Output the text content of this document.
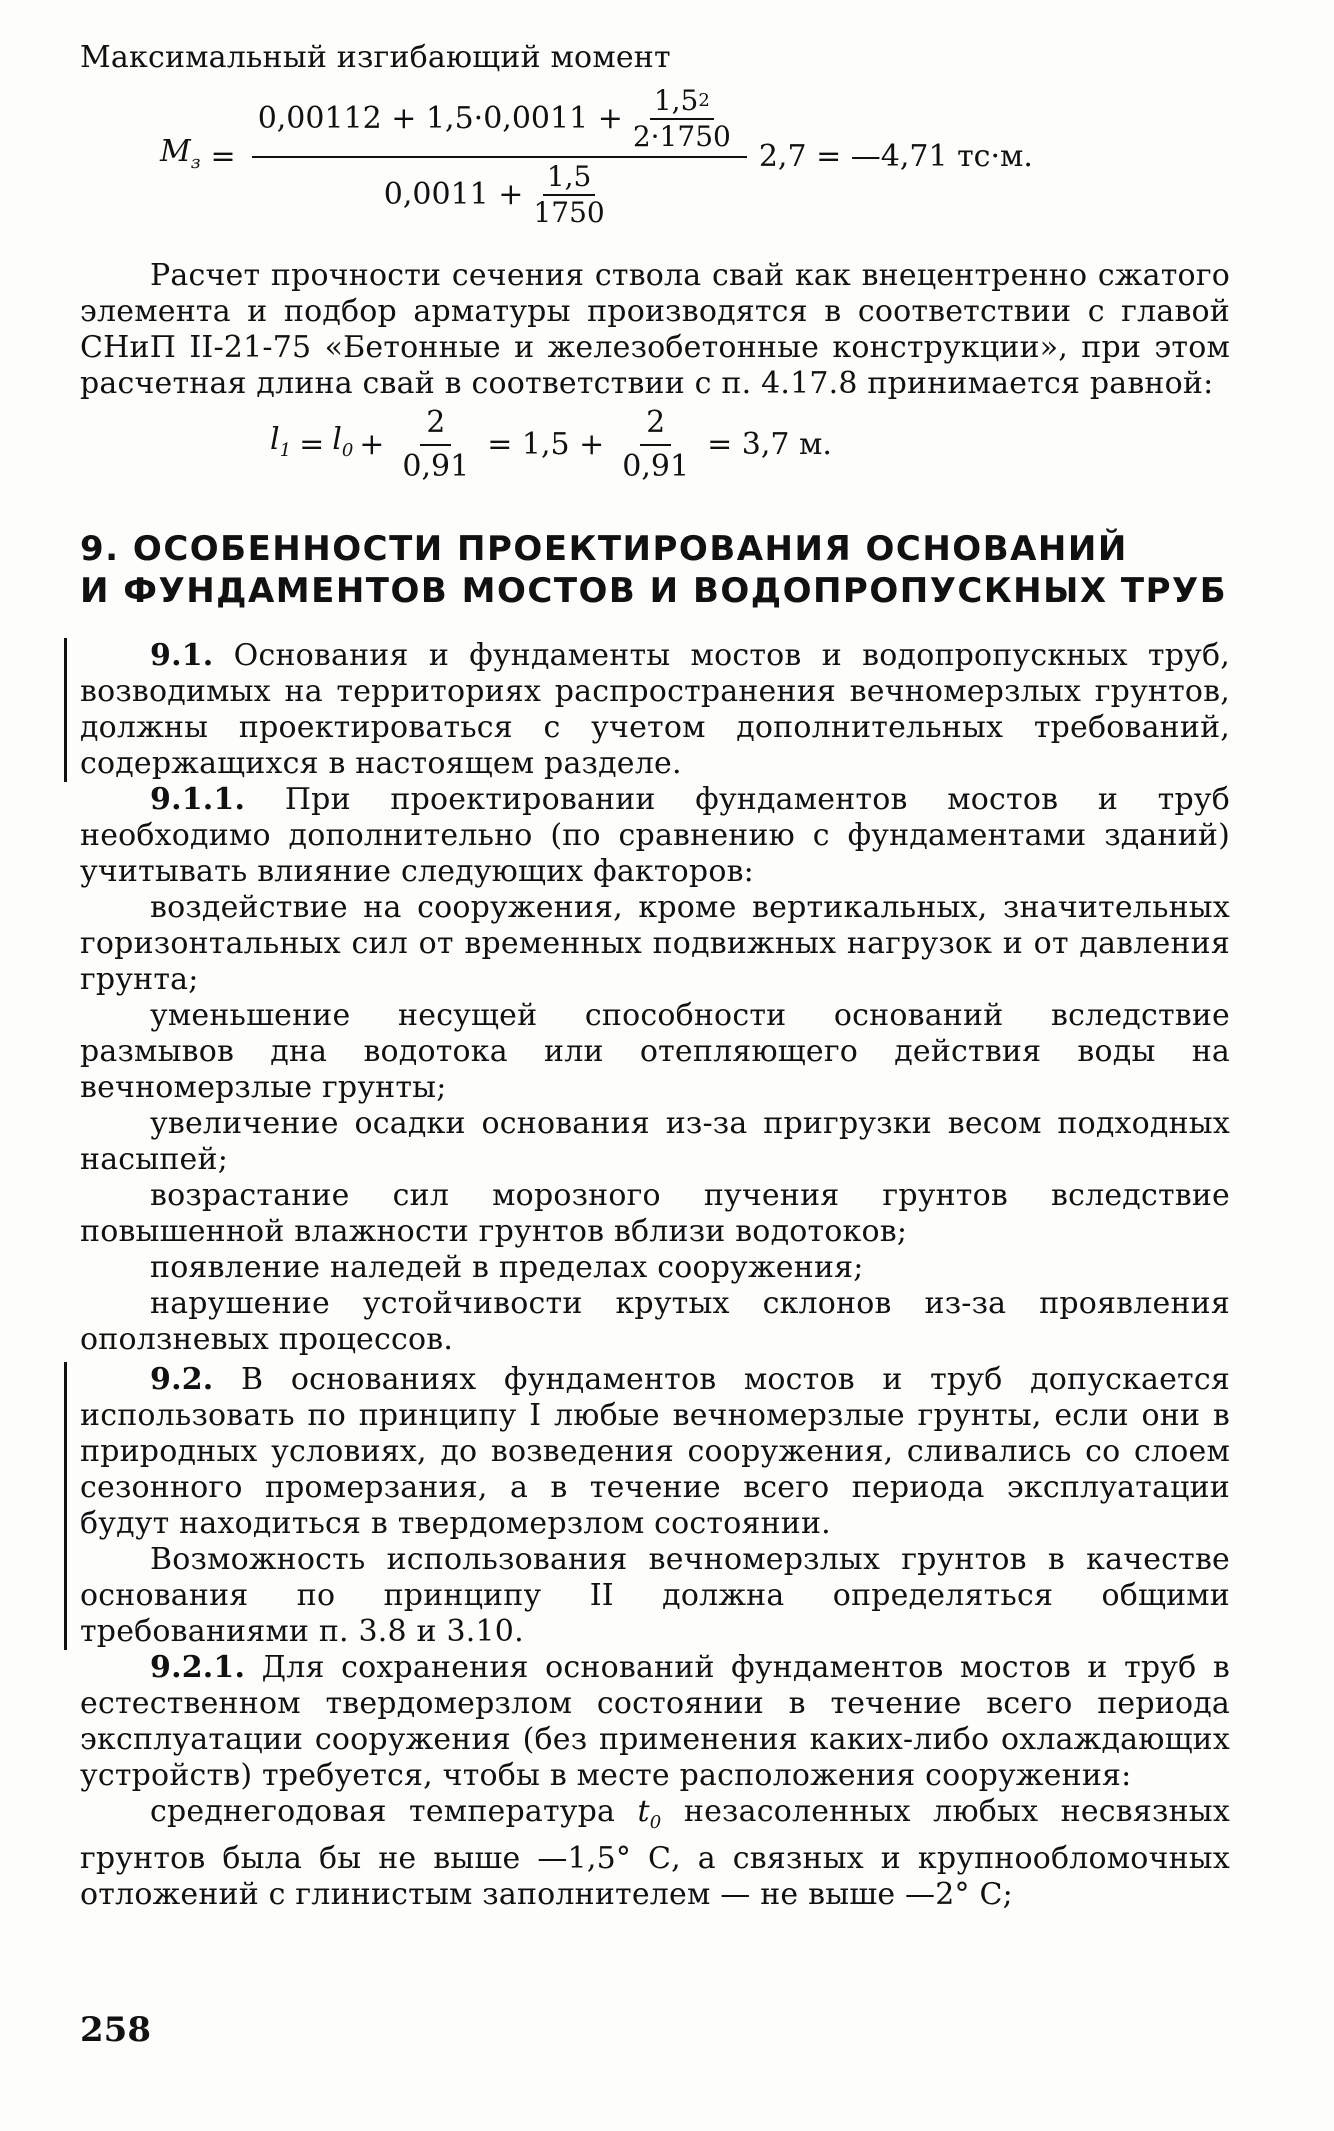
Максимальный изгибающий момент

$M_з$ =
$0,00112 + 1,5\cdot 0,0011 + \frac{1,5 2}{2\cdot 1750}$
$0,0011 + \frac{1,5}{1750}$
2,7 = —4,71 тс·м.

Расчет прочности сечения ствола свай как внецентренно сжатого элемента и подбор арматуры производятся в соответствии с главой СНиП II-21-75 «Бетонные и железобетонные конструкции», при этом расчетная длина свай в соответствии с п. 4.17.8 принимается равной:

$l_1 = l_0 + \frac{2}{0,91} = 1,5 + \frac{2}{0,91} = 3,7$ м.
9. ОСОБЕННОСТИ ПРОЕКТИРОВАНИЯ ОСНОВАНИЙ
И ФУНДАМЕНТОВ МОСТОВ И ВОДОПРОПУСКНЫХ ТРУБ

9.1. Основания и фундаменты мостов и водопропускных труб, возводимых на территориях распространения вечномерзлых грунтов, должны проектироваться с учетом дополнительных требований, содержащихся в настоящем разделе.

9.1.1. При проектировании фундаментов мостов и труб необходимо дополнительно (по сравнению с фундаментами зданий) учитывать влияние следующих факторов:

воздействие на сооружения, кроме вертикальных, значительных горизонтальных сил от временных подвижных нагрузок и от давления грунта;

уменьшение несущей способности оснований вследствие размывов дна водотока или отепляющего действия воды на вечномерзлые грунты;

увеличение осадки основания из-за пригрузки весом подходных насыпей;

возрастание сил морозного пучения грунтов вследствие повышенной влажности грунтов вблизи водотоков;

появление наледей в пределах сооружения;

нарушение устойчивости крутых склонов из-за проявления оползневых процессов.

9.2. В основаниях фундаментов мостов и труб допускается использовать по принципу I любые вечномерзлые грунты, если они в природных условиях, до возведения сооружения, сливались со слоем сезонного промерзания, а в течение всего периода эксплуатации будут находиться в твердомерзлом состоянии.

Возможность использования вечномерзлых грунтов в качестве основания по принципу II должна определяться общими требованиями п. 3.8 и 3.10.

9.2.1. Для сохранения оснований фундаментов мостов и труб в естественном твердомерзлом состоянии в течение всего периода эксплуатации сооружения (без применения каких-либо охлаждающих устройств) требуется, чтобы в месте расположения сооружения:

среднегодовая температура $t_0$ незасоленных любых несвязных грунтов была бы не выше —1,5° С, а связных и крупнообломочных отложений с глинистым заполнителем — не выше —2° С;

258
